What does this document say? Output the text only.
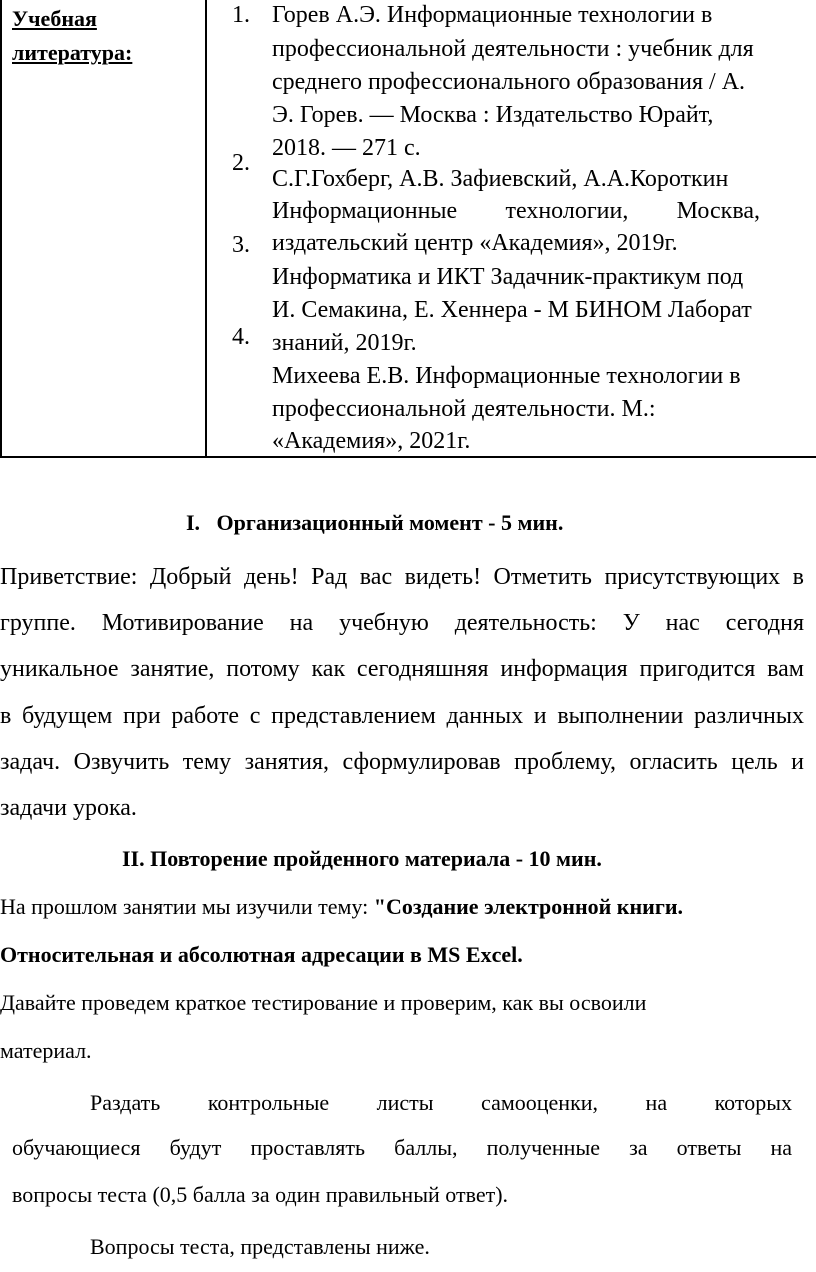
Учебная
литература:
1.
2.
3.
4.
Горев А.Э. Информационные технологии в
профессиональной деятельности : учебник для
среднего профессионального образования / А.
Э. Горев. — Москва : Издательство Юрайт,
2018. — 271 с.
С.Г.Гохберг, А.В. Зафиевский, А.А.Короткин
Информационные технологии, Москва,
издательский центр «Академия», 2019г.
Информатика и ИКТ Задачник-практикум под
И. Семакина, Е. Хеннера - М БИНОМ Лаборат
знаний, 2019г.
Михеева Е.В. Информационные технологии в
профессиональной деятельности. М.:
«Академия», 2021г.
I.   Организационный момент - 5 мин.
Приветствие: Добрый день! Рад вас видеть! Отметить присутствующих в
группе. Мотивирование на учебную деятельность: У нас сегодня
уникальное занятие, потому как сегодняшняя информация пригодится вам
в будущем при работе с представлением данных и выполнении различных
задач. Озвучить тему занятия, сформулировав проблему, огласить цель и
задачи урока.
II. Повторение пройденного материала - 10 мин.
На прошлом занятии мы изучили тему: "Создание электронной книги.
Относительная и абсолютная адресации в MS Excel.
Давайте проведем краткое тестирование и проверим, как вы освоили
материал.
Раздать контрольные листы самооценки, на которых
обучающиеся будут проставлять баллы, полученные за ответы на
вопросы теста (0,5 балла за один правильный ответ).
Вопросы теста, представлены ниже.
